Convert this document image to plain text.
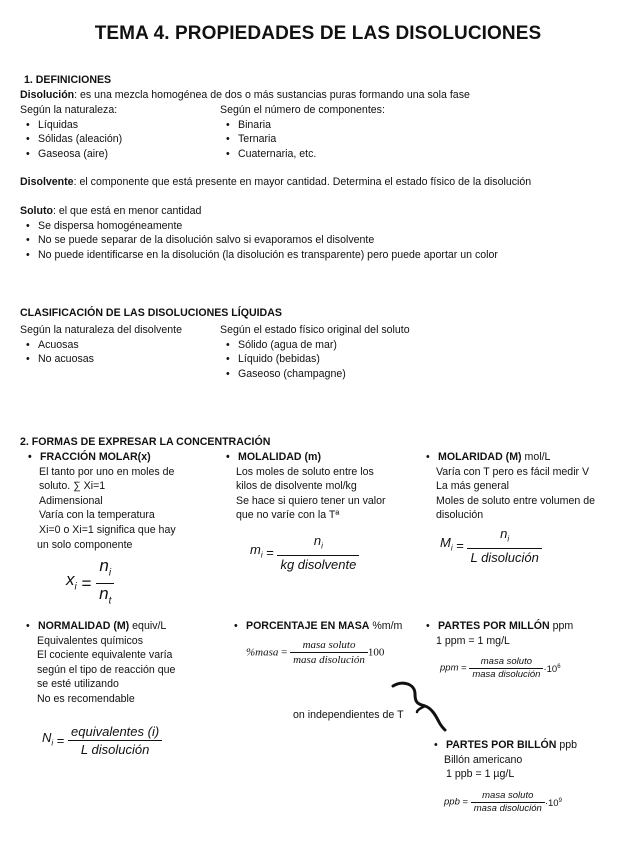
TEMA 4. PROPIEDADES DE LAS DISOLUCIONES
1. DEFINICIONES
Disolución: es una mezcla homogénea de dos o más sustancias puras formando una sola fase
Según la naturaleza:
• Líquidas
• Sólidas (aleación)
• Gaseosa (aire)
Según el número de componentes:
• Binaria
• Ternaria
• Cuaternaria, etc.
Disolvente: el componente que está presente en mayor cantidad. Determina el estado físico de la disolución
Soluto: el que está en menor cantidad
• Se dispersa homogéneamente
• No se puede separar de la disolución salvo si evaporamos el disolvente
• No puede identificarse en la disolución (la disolución es transparente) pero puede aportar un color
CLASIFICACIÓN DE LAS DISOLUCIONES LÍQUIDAS
Según la naturaleza del disolvente
• Acuosas
• No acuosas
Según el estado físico original del soluto
• Sólido (agua de mar)
• Líquido (bebidas)
• Gaseoso (champagne)
2. FORMAS DE EXPRESAR LA CONCENTRACIÓN
• FRACCIÓN MOLAR(x)
El tanto por uno en moles de
soluto. ∑ Xi=1
Adimensional
Varía con la temperatura
Xi=0 o Xi=1 significa que hay
un solo componente
$x_i = \frac{n_i}{n_t}$
• MOLALIDAD (m)
Los moles de soluto entre los
kilos de disolvente mol/kg
Se hace si quiero tener un valor
que no varíe con la Tª
$m_i = \frac{n_i}{\text{kg disolvente}}$
• MOLARIDAD (M) mol/L
Varía con T pero es fácil medir V
La más general
Moles de soluto entre volumen de
disolución
$M_i = \frac{n_i}{\text{L disolución}}$
• NORMALIDAD (M) equiv/L
Equivalentes químicos
El cociente equivalente varía
según el tipo de reacción que
se esté utilizando
No es recomendable
$N_i = \frac{\text{equivalentes (i)}}{\text{L disolución}}$
• PORCENTAJE EN MASA %m/m
%masa = $\frac{\text{masa soluto}}{\text{masa disolución}} 100$
• PARTES POR MILLÓN ppm
1 ppm = 1 mg/L
ppm = $\frac{\text{masa soluto}}{\text{masa disolución}} \cdot 10^6$
on independientes de T
• PARTES POR BILLÓN ppb
Billón americano
1 ppb = 1 µg/L
ppb = $\frac{\text{masa soluto}}{\text{masa disolución}} \cdot 10^9$
